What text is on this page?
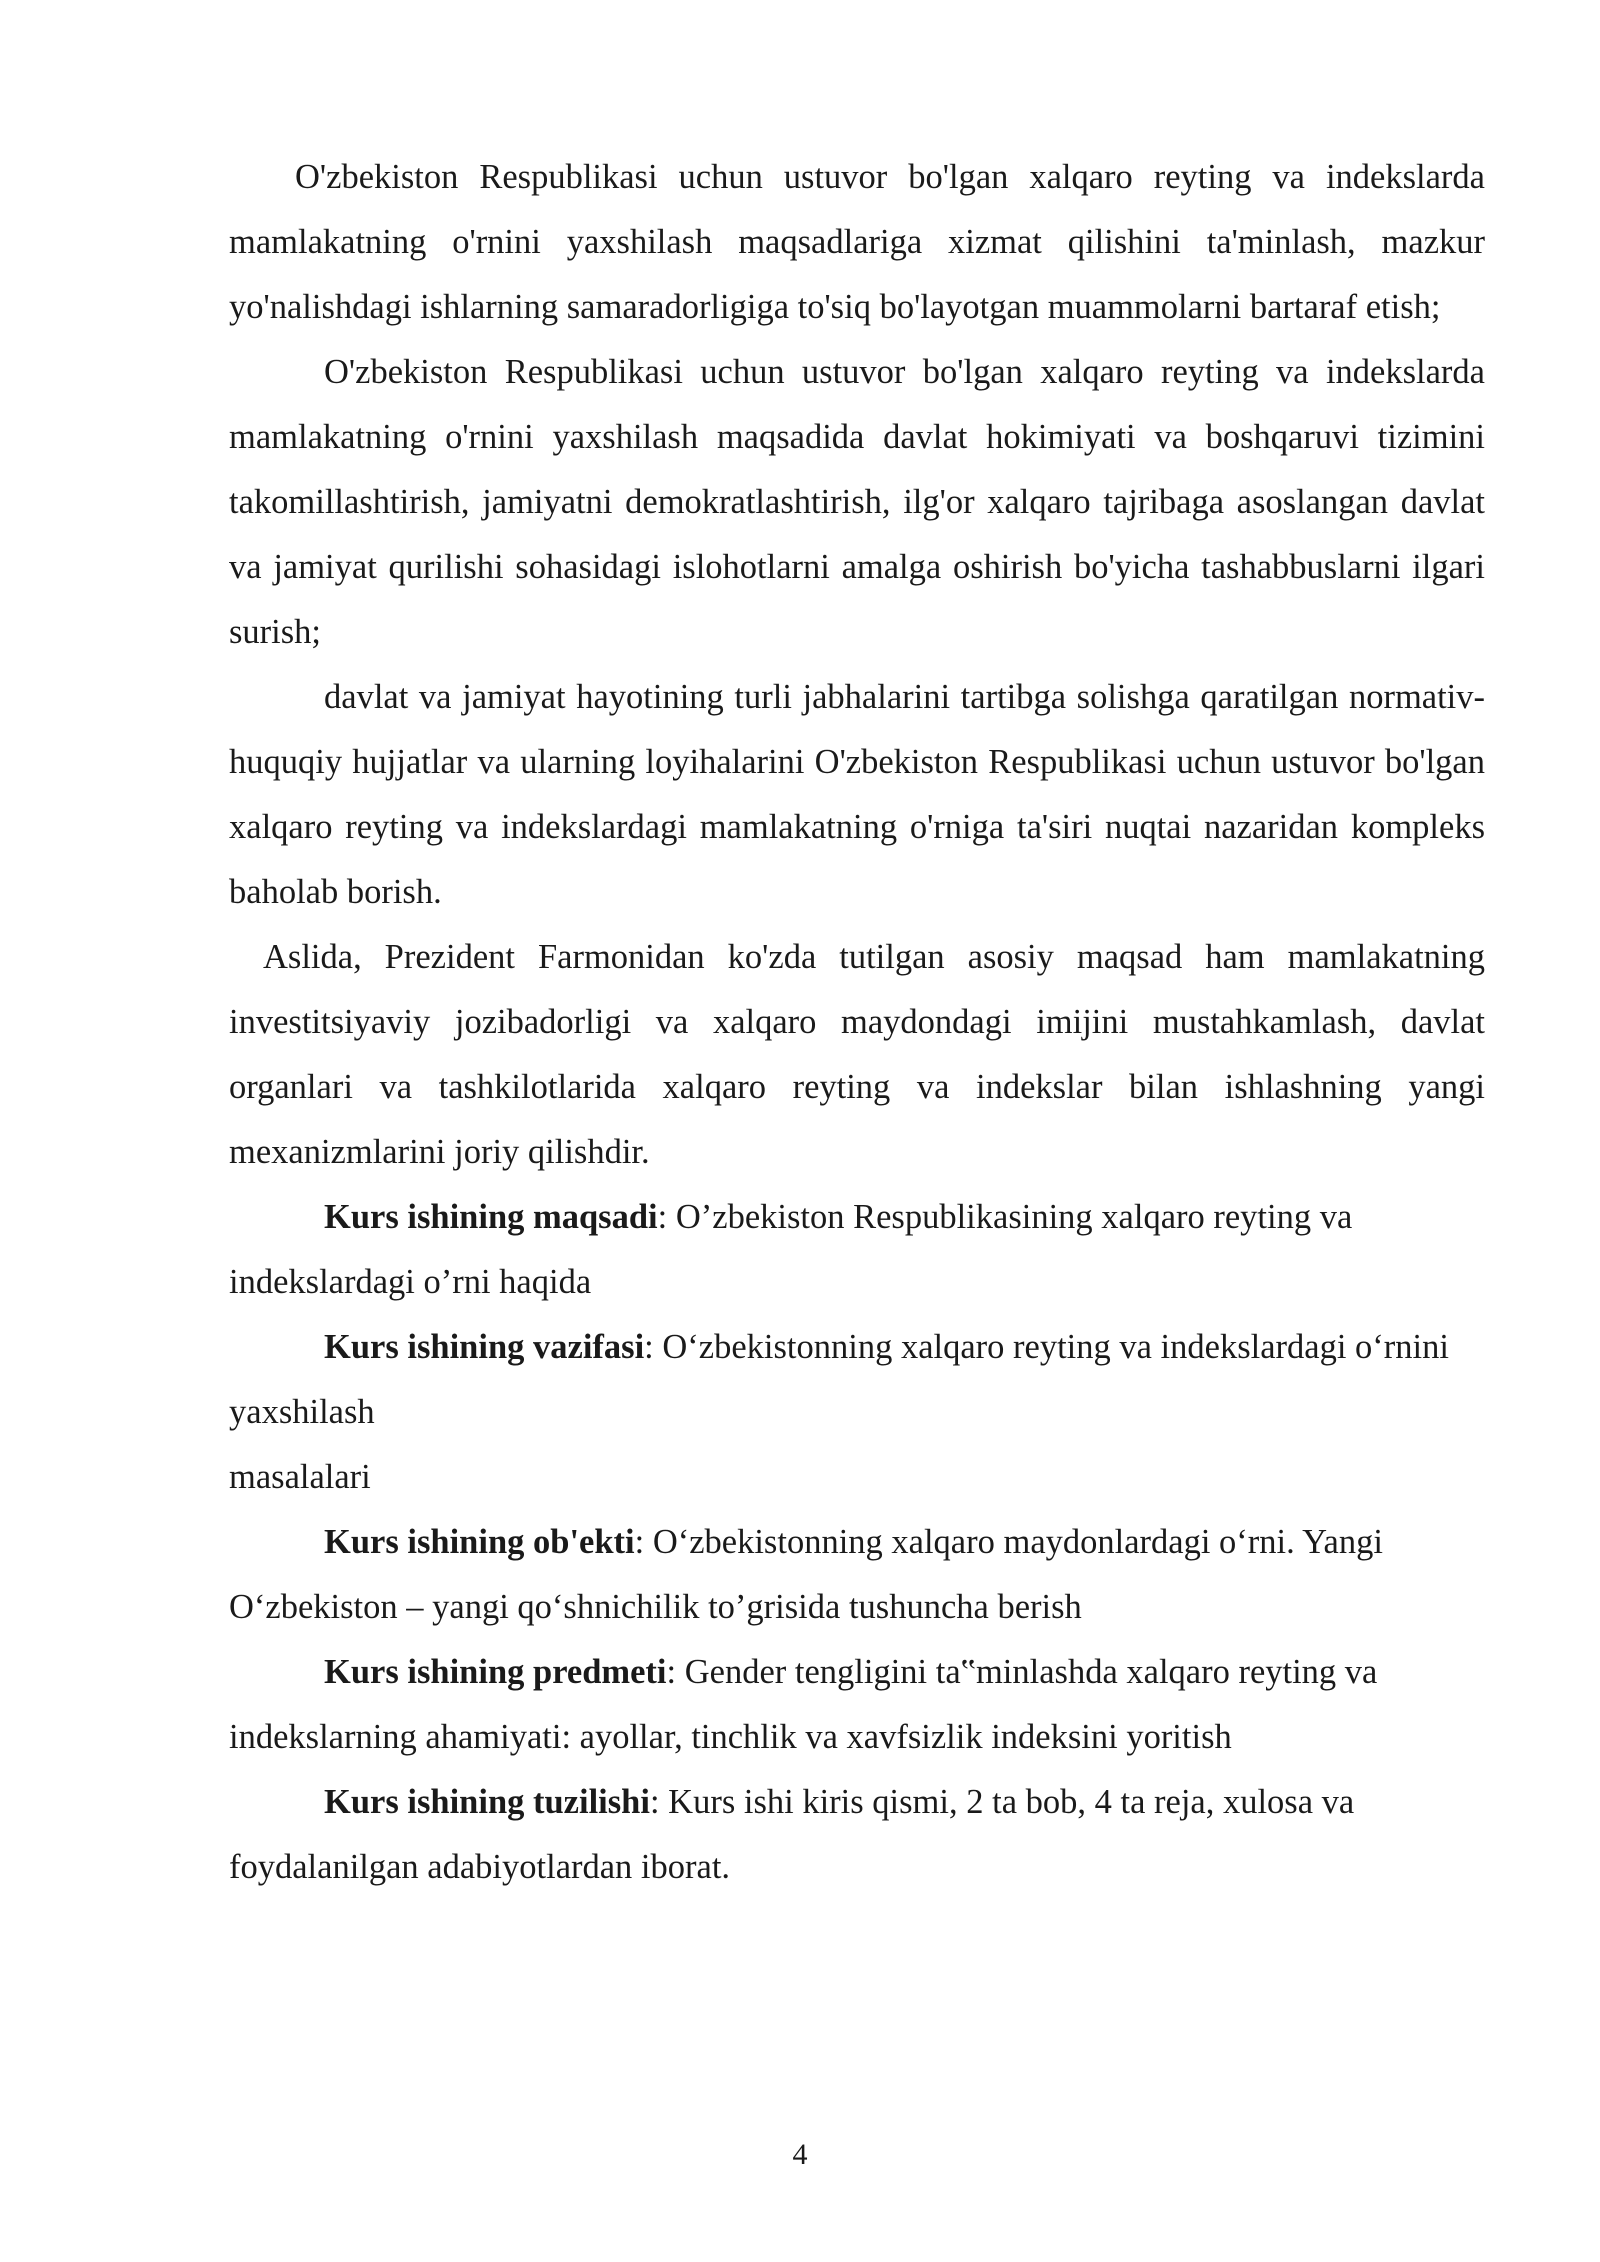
O'zbekiston Respublikasi uchun ustuvor bo'lgan xalqaro reyting va indekslarda mamlakatning o'rnini yaxshilash maqsadlariga xizmat qilishini ta'minlash, mazkur yo'nalishdagi ishlarning samaradorligiga to'siq bo'layotgan muammolarni bartaraf etish;

O'zbekiston Respublikasi uchun ustuvor bo'lgan xalqaro reyting va indekslarda mamlakatning o'rnini yaxshilash maqsadida davlat hokimiyati va boshqaruvi tizimini takomillashtirish, jamiyatni demokratlashtirish, ilg'or xalqaro tajribaga asoslangan davlat va jamiyat qurilishi sohasidagi islohotlarni amalga oshirish bo'yicha tashabbuslarni ilgari surish;

davlat va jamiyat hayotining turli jabhalarini tartibga solishga qaratilgan normativ-huquqiy hujjatlar va ularning loyihalarini O'zbekiston Respublikasi uchun ustuvor bo'lgan xalqaro reyting va indekslardagi mamlakatning o'rniga ta'siri nuqtai nazaridan kompleks baholab borish.

Aslida, Prezident Farmonidan ko'zda tutilgan asosiy maqsad ham mamlakatning investitsiyaviy jozibadorligi va xalqaro maydondagi imijini mustahkamlash, davlat organlari va tashkilotlarida xalqaro reyting va indekslar bilan ishlashning yangi mexanizmlarini joriy qilishdir.

Kurs ishining maqsadi: O’zbekiston Respublikasining xalqaro reyting va indekslardagi o’rni haqida

Kurs ishining vazifasi: O‘zbekistonning xalqaro reyting va indekslardagi o‘rnini yaxshilash

masalalari

Kurs ishining ob'ekti: O‘zbekistonning xalqaro maydonlardagi o‘rni. Yangi O‘zbekiston – yangi qo‘shnichilik to’grisida tushuncha berish

Kurs ishining predmeti: Gender tengligini ta‟minlashda xalqaro reyting va indekslarning ahamiyati: ayollar, tinchlik va xavfsizlik indeksini yoritish

Kurs ishining tuzilishi: Kurs ishi kiris qismi, 2 ta bob, 4 ta reja, xulosa va foydalanilgan adabiyotlardan iborat.

4
